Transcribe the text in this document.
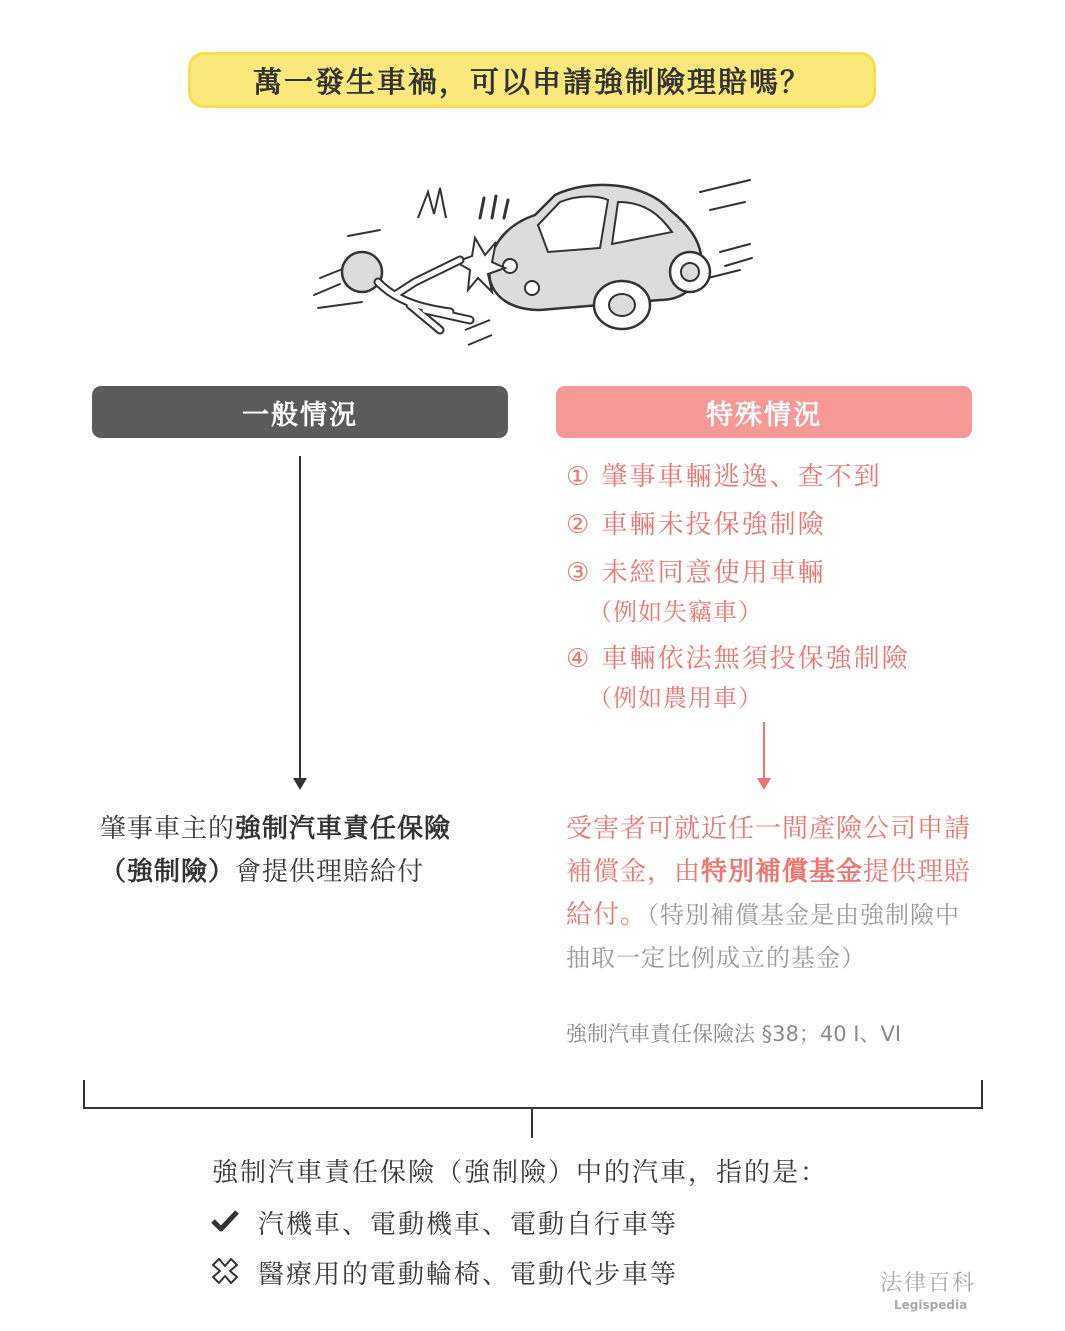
萬一發生車禍，可以申請強制險理賠嗎？
一般情況	特殊情況
① 肇事車輛逃逸、查不到
② 車輛未投保強制險
③ 未經同意使用車輛
（例如失竊車）
④ 車輛依法無須投保強制險
（例如農用車）
肇事車主的強制汽車責任保險
（強制險）會提供理賠給付
受害者可就近任一間產險公司申請補償金，由特別補償基金提供理賠給付。（特別補償基金是由強制險中抽取一定比例成立的基金）
強制汽車責任保險法 §38；40 I、VI
強制汽車責任保險（強制險）中的汽車，指的是：
汽機車、電動機車、電動自行車等
醫療用的電動輪椅、電動代步車等	法律百科
Legispedia
